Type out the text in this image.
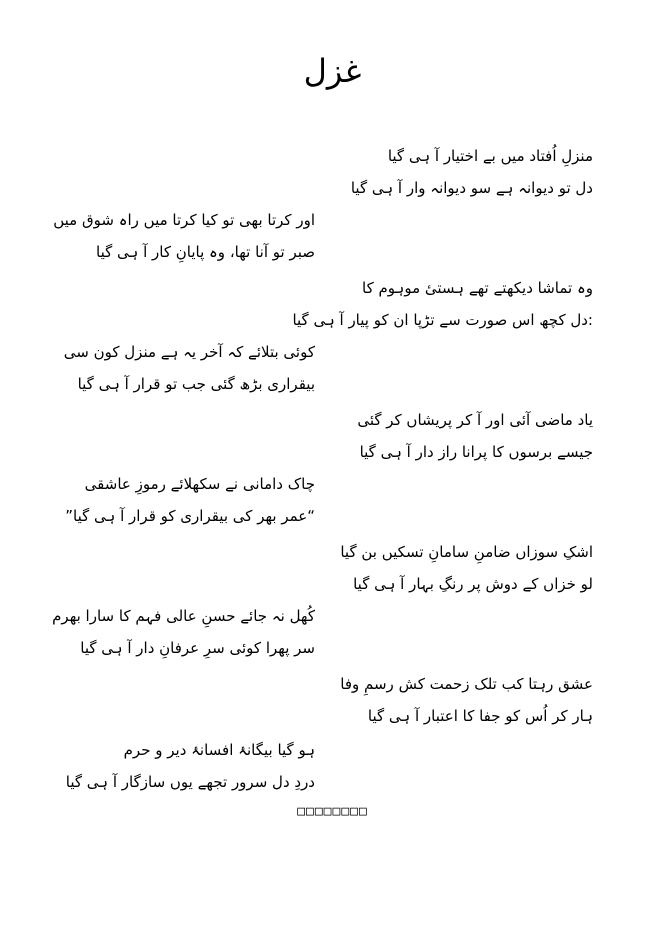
غزل
منزلِ اُفتاد میں بے اختیار آ ہی گیا
دل تو دیوانہ ہے سو دیوانہ وار آ ہی گیا
اور کرتا بھی تو کیا کرتا میں راہ شوق میں
صبر تو آنا تھا، وہ پایانِ کار آ ہی گیا
وہ تماشا دیکھتے تھے ہستیٔ موہوم کا
:دل کچھ اس صورت سے تڑپا ان کو پیار آ ہی گیا
کوئی بتلائے کہ آخر یہ ہے منزل کون سی
بیقراری بڑھ گئی جب تو قرار آ ہی گیا
یاد ماضی آئی اور آ کر پریشاں کر گئی
جیسے برسوں کا پرانا راز دار آ ہی گیا
چاک دامانی نے سکھلائے رموزِ عاشقی
“عمر بھر کی بیقراری کو قرار آ ہی گیا”
اشکِ سوزاں ضامنِ سامانِ تسکیں بن گیا
لو خزاں کے دوش پر رنگِ بہار آ ہی گیا
کُھل نہ جائے حسنِ عالی فہم کا سارا بھرم
سر پھرا کوئی سرِ عرفانِ دار آ ہی گیا
عشق رہتا کب تلک زحمت کش رسمِ وفا
ہار کر اُس کو جفا کا اعتبار آ ہی گیا
ہو گیا بیگانۂ افسانۂ دیر و حرم
دردِ دل سرور تجھے یوں سازگار آ ہی گیا
□□□□□□□□
